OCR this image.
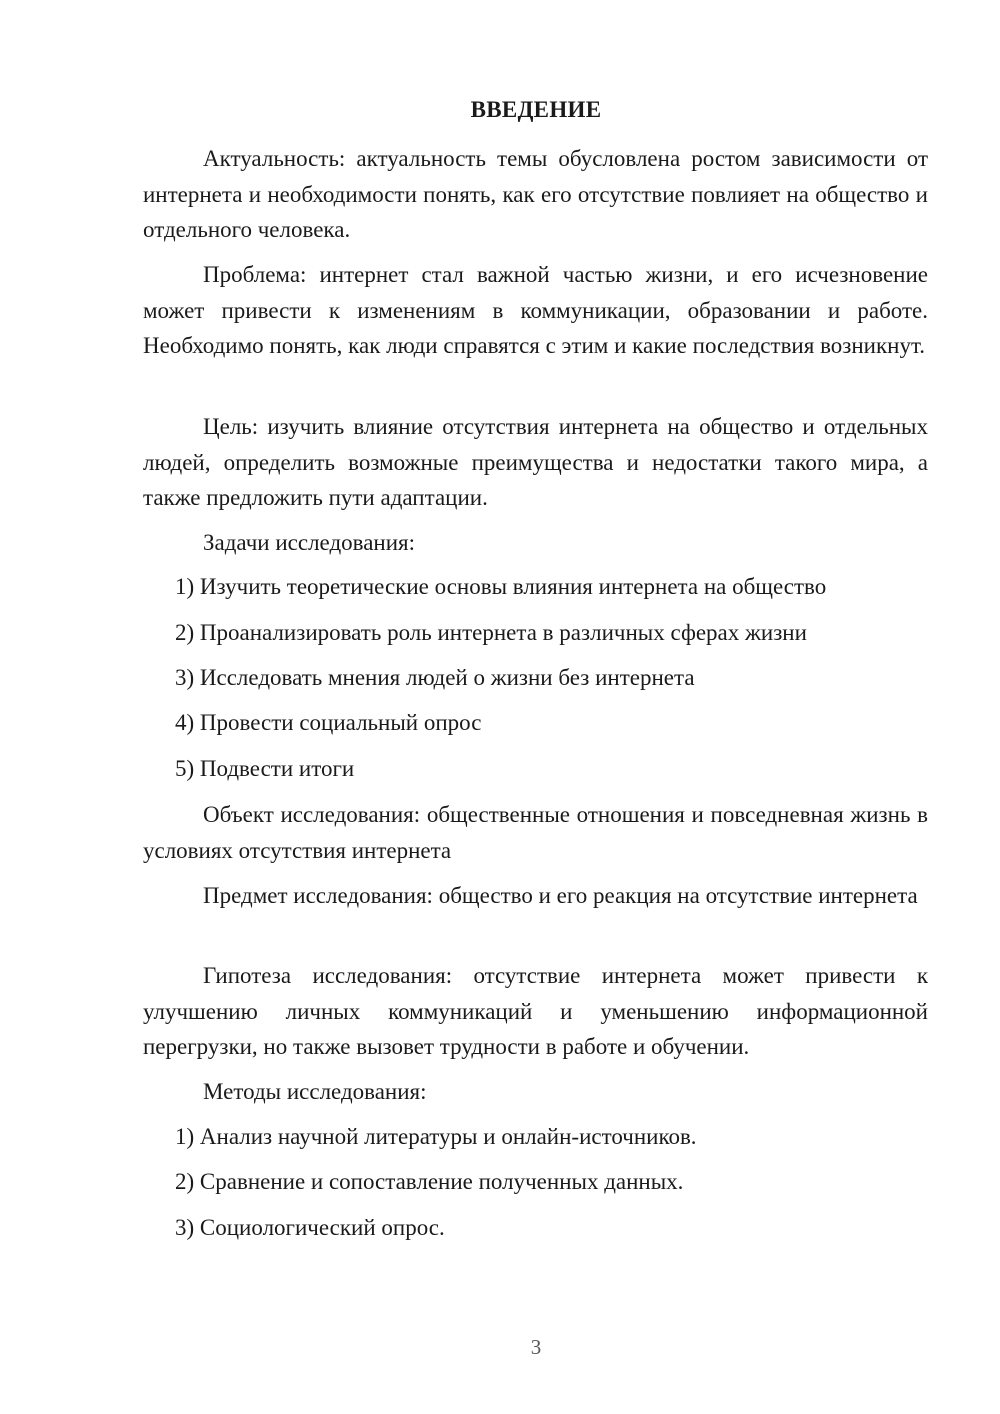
ВВЕДЕНИЕ

Актуальность: актуальность темы обусловлена ростом зависимости от интернета и необходимости понять, как его отсутствие повлияет на общество и отдельного человека.

Проблема: интернет стал важной частью жизни, и его исчезновение может привести к изменениям в коммуникации, образовании и работе. Необходимо понять, как люди справятся с этим и какие последствия возникнут.

Цель: изучить влияние отсутствия интернета на общество и отдельных людей, определить возможные преимущества и недостатки такого мира, а также предложить пути адаптации.

Задачи исследования:

1) Изучить теоретические основы влияния интернета на общество
2) Проанализировать роль интернета в различных сферах жизни
3) Исследовать мнения людей о жизни без интернета
4) Провести социальный опрос
5) Подвести итоги

Объект исследования: общественные отношения и повседневная жизнь в условиях отсутствия интернета

Предмет исследования: общество и его реакция на отсутствие интернета

Гипотеза исследования: отсутствие интернета может привести к улучшению личных коммуникаций и уменьшению информационной перегрузки, но также вызовет трудности в работе и обучении.

Методы исследования:

1) Анализ научной литературы и онлайн-источников.
2) Сравнение и сопоставление полученных данных.
3) Социологический опрос.
3
